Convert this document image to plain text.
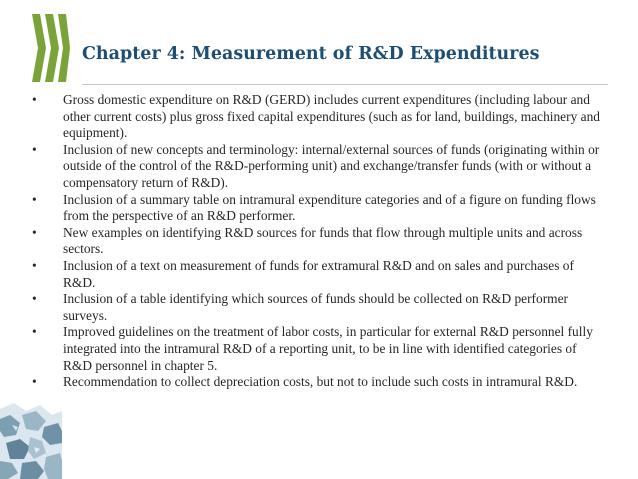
Chapter 4: Measurement of R&D Expenditures
•	Gross domestic expenditure on R&D (GERD) includes current expenditures (including labour and other current costs) plus gross fixed capital expenditures (such as for land, buildings, machinery and equipment).
•	Inclusion of new concepts and terminology: internal/external sources of funds (originating within or outside of the control of the R&D-performing unit) and exchange/transfer funds (with or without a compensatory return of R&D).
•	Inclusion of a summary table on intramural expenditure categories and of a figure on funding flows from the perspective of an R&D performer.
•	New examples on identifying R&D sources for funds that flow through multiple units and across sectors.
•	Inclusion of a text on measurement of funds for extramural R&D and on sales and purchases of R&D.
•	Inclusion of a table identifying which sources of funds should be collected on R&D performer surveys.
•	Improved guidelines on the treatment of labor costs, in particular for external R&D personnel fully integrated into the intramural R&D of a reporting unit, to be in line with identified categories of R&D personnel in chapter 5.
•	Recommendation to collect depreciation costs, but not to include such costs in intramural R&D.
